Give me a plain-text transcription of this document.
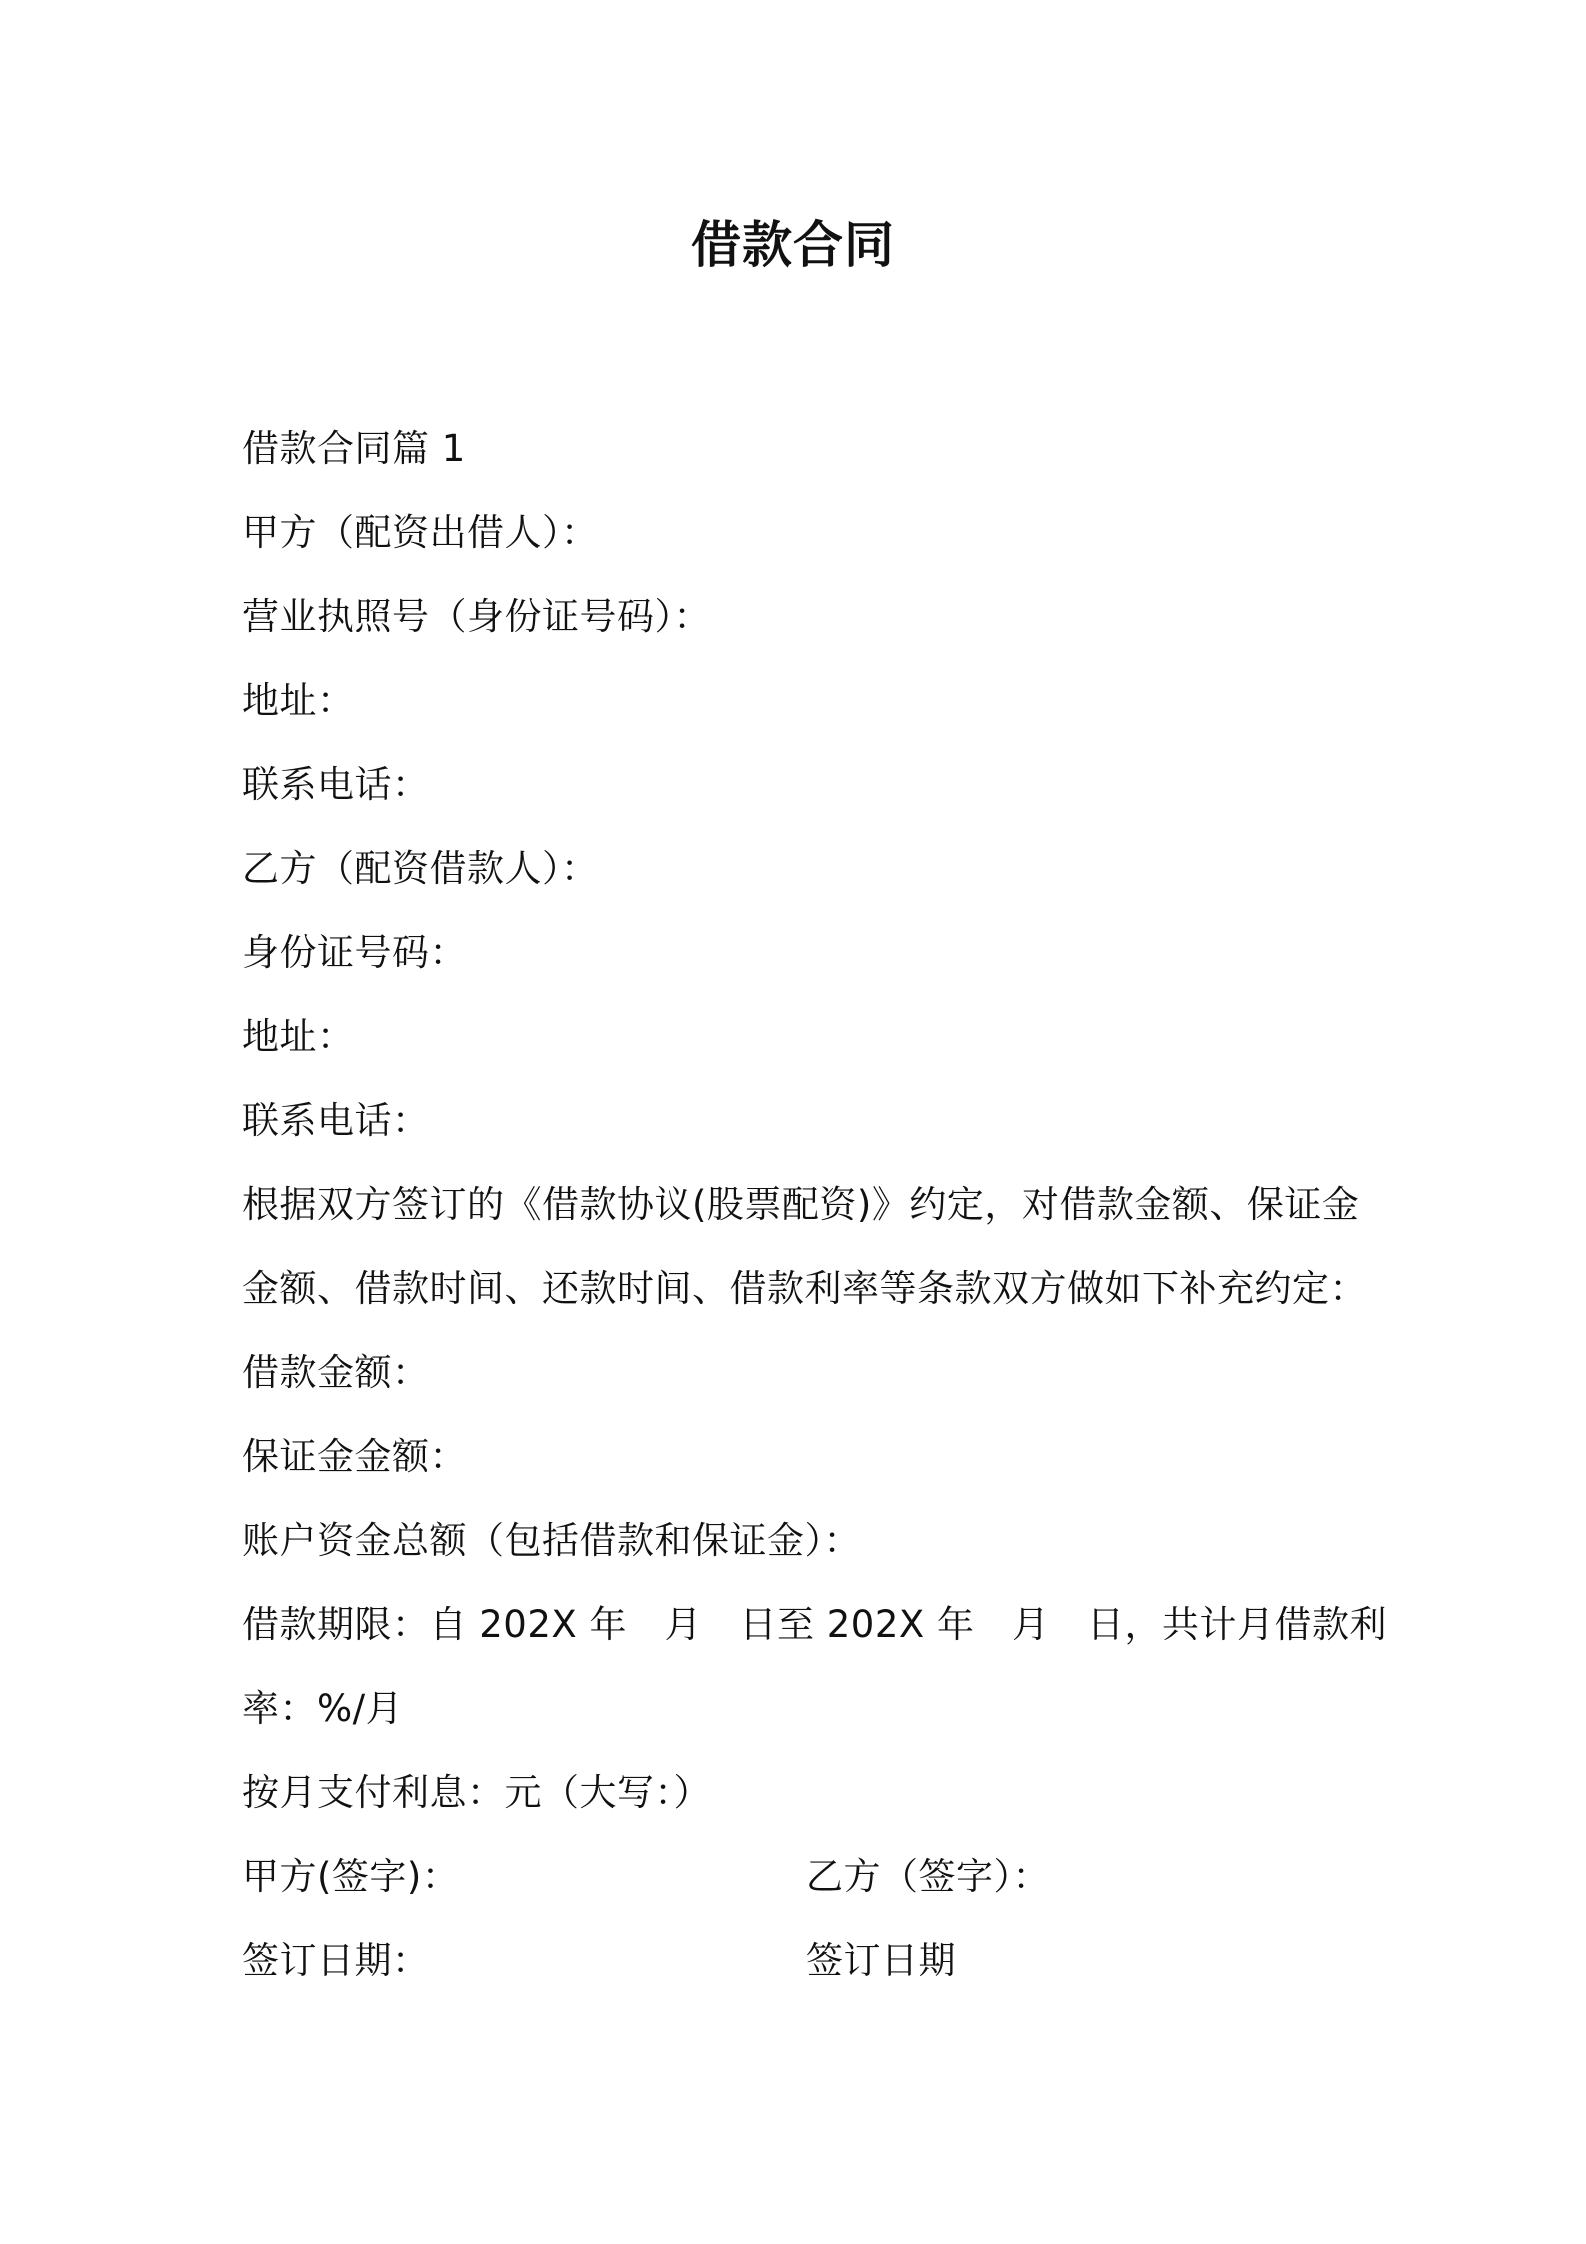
借款合同
借款合同篇 1
甲方（配资出借人）：
营业执照号（身份证号码）：
地址：
联系电话：
乙方（配资借款人）：
身份证号码：
地址：
联系电话：
根据双方签订的《借款协议(股票配资)》约定，对借款金额、保证金
金额、借款时间、还款时间、借款利率等条款双方做如下补充约定：
借款金额：
保证金金额：
账户资金总额（包括借款和保证金）：
借款期限：自 202X 年　月　日至 202X 年　月　日，共计月借款利
率：%/月
按月支付利息：元（大写：）
甲方(签字)：	乙方（签字）：
签订日期：	签订日期
